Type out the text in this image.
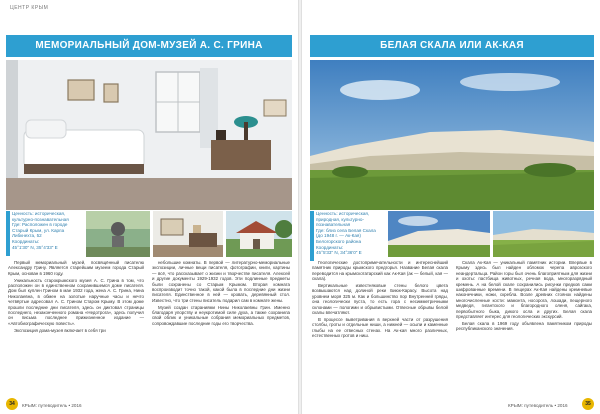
ЦЕНТР КРЫМ
МЕМОРИАЛЬНЫЙ ДОМ-МУЗЕЙ А. С. ГРИНА
Ценность: историческая,
культурно-познавательная
Где: Расположен в городе
Старый Крым, ул. Карла
Либкнехта, 52
Координаты:
45°1'30" N, 35°4'33" E

Первый мемориальный музей, посвящённый писателю Александру Грину. Является старейшим музеем города Старый Крым, основан в 1960 году.

Уникальность старокрымского музея А. С. Грина в том, что расположен он в единственном сохранившемся доме писателя. Дом был куплен Грином в мае 1932 года, жена А. С. Грина, Нина Николаевна, в обмен на золотые наручные часы и нечто четвёртые адресовал А. С. Грином Старом Крыму. В этом доме прошли последние дни писателя, здесь он диктовал страницы последнего, незаконченного романа «Недотрога», здесь получил он письма последнее прижизненное издание — «Автобиографическую повесть».

Экспозиция дома-музея включает в себя три

небольшие комнаты. В первой — литературно-мемориальные экспозиции, личные вещи писателя, фотографии, книги, картины — всё, что рассказывает о жизни и творчестве писателя. Алексей и другие документы 1929-1932 годов. Эти подлинные предметы были сохранены со Старым Крымом. Вторая комната воспроизводит точно такой, какой была в последние дни жизни писателя. Единственное в ней — кровать, деревянный стол. Известно, что три стены писатель подарил сам в комнате жены.

Музей создан стараниями Нины Николаевны Грин. Именно благодаря упорству и неукротимой силе духа, а также сохранила свой облик и уникальные собрания мемориальных предметов, сопровождавшие последние годы его творчества.

34	КРЫМ: путеводитель • 2016
БЕЛАЯ СКАЛА ИЛИ АК-КАЯ
Ценность: историческая,
природная, культурно-
познавательная
Где: близ села Белая Скала
(до 1948 г. — Ак-Кая)
Белогорского района
Координаты:
45°5'33" N, 34°36'0" E

Геологические достопримечательности и интереснейший памятник природы крымского предгорья. Название Белая скала переводится на крымскотатарский как Ак-Кая (ак — белый, кая — скала).

Вертикальные известняковые стены белого цвета возвышаются над долиной реки Биюк-Карасу. Высота над уровнем моря 325 м. Как и большинство пор Внутренней гряды, она геологически пуста, то есть гора с несимметричными склонами — пологими и обрывистыми. Отвесные обрывы белой скалы впечатляют.

В процессе выветривания в верхней части от разрушения столбы, гроты и отдельные ниши, а нижней — осыпи и каменные глыбы на ее отвесных стенах. На Ак-кая много различных, естественных гротов и ниш.

Скала Ак-Кая — уникальный памятник истории. Впервые в Крыму здесь был найден обломок черепа аврозского неандертальца. Район горы был очень благоприятным для жизни и охоты: пастбища животных, речная вода, многоразрядный кремень. А на белой скале сохранились рисунки предков сами шифрованные времени. В пещерах Ак-Кая найдены кремневые наконечники, ножи, скребла. Возле древних стоянок найдены многочисленные кости: мамонта, носорога, лошади, пещерного медведя, гигантского и благородного оленя, сайгака, первобытного быка, дикого осла и других. Белая скала представляет интерес для геологических экскурсий.

Белая скала в 1969 году объявлена памятником природы республиканского значения.

КРЫМ: путеводитель • 2016	35
